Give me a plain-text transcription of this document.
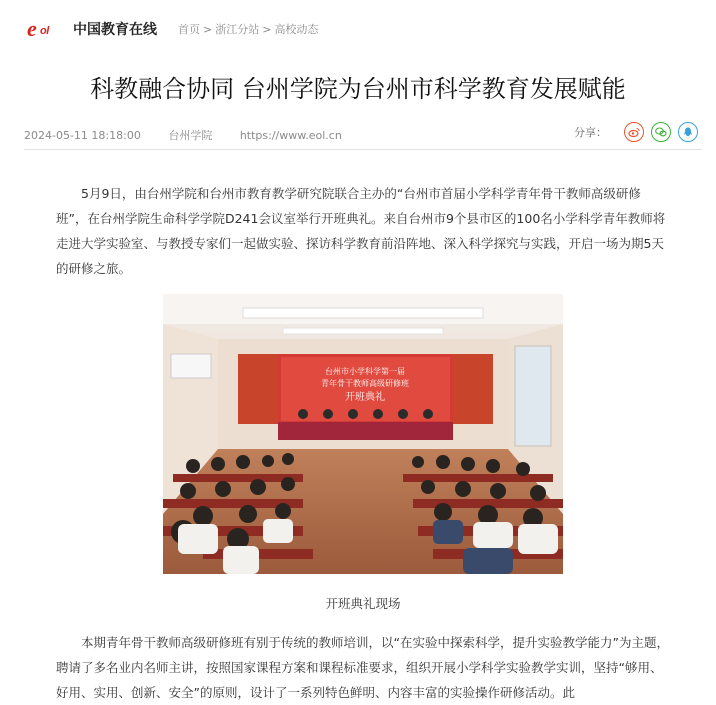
e ol 中国教育在线 首页 > 浙江分站 > 高校动态
科教融合协同 台州学院为台州市科学教育发展赋能
2024-05-11 18:18:00	台州学院	https://www.eol.cn	分享：

5月9日，由台州学院和台州市教育教学研究院联合主办的“台州市首届小学科学青年骨干教师高级研修班”，在台州学院生命科学学院D241会议室举行开班典礼。来自台州市9个县市区的100名小学科学青年教师将走进大学实验室、与教授专家们一起做实验、探访科学教育前沿阵地、深入科学探究与实践，开启一场为期5天的研修之旅。

台州市小学科学第一届
青年骨干教师高级研修班
开班典礼
开班典礼现场

本期青年骨干教师高级研修班有别于传统的教师培训，以“在实验中探索科学，提升实验教学能力”为主题，聘请了多名业内名师主讲，按照国家课程方案和课程标准要求，组织开展小学科学实验教学实训，坚持“够用、好用、实用、创新、安全”的原则，设计了一系列特色鲜明、内容丰富的实验操作研修活动。此
